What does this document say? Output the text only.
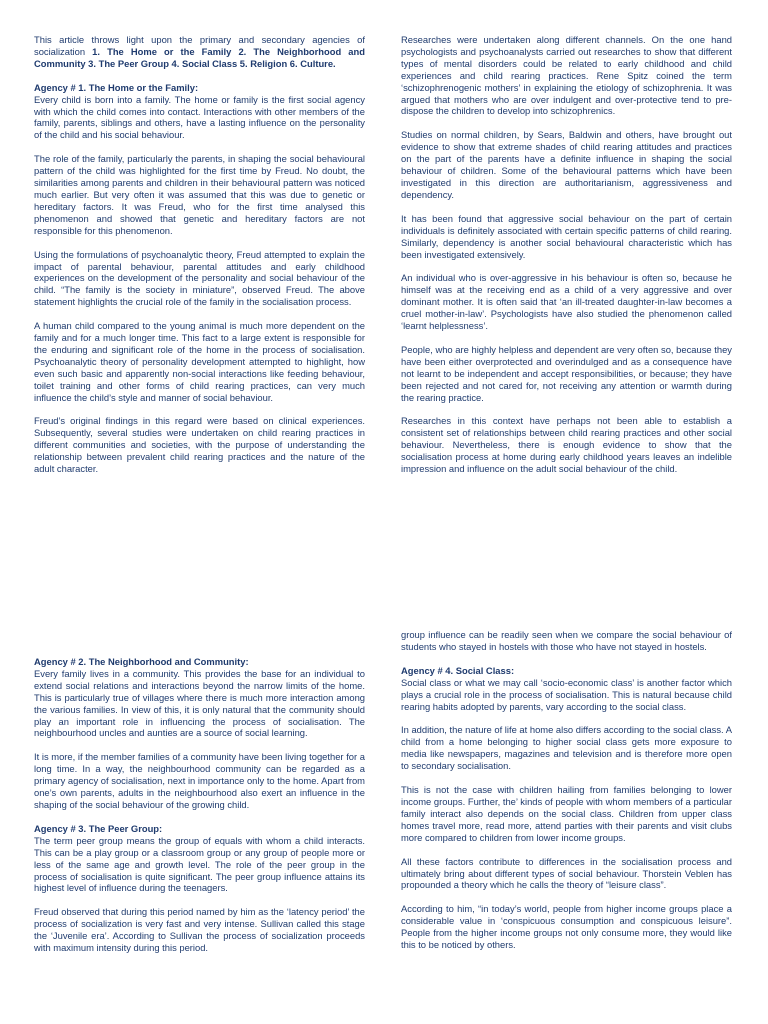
This article throws light upon the primary and secondary agencies of socialization 1. The Home or the Family 2. The Neighborhood and Community 3. The Peer Group 4. Social Class 5. Religion 6. Culture.

Agency # 1. The Home or the Family:
Every child is born into a family. The home or family is the first social agency with which the child comes into contact. Interactions with other members of the family, parents, siblings and others, have a lasting influence on the personality of the child and his social behaviour.

The role of the family, particularly the parents, in shaping the social behavioural pattern of the child was highlighted for the first time by Freud. No doubt, the similarities among parents and children in their behavioural pattern was noticed much earlier. But very often it was assumed that this was due to genetic or hereditary factors. It was Freud, who for the first time analysed this phenomenon and showed that genetic and hereditary factors are not responsible for this phenomenon.

Using the formulations of psychoanalytic theory, Freud attempted to explain the impact of parental behaviour, parental attitudes and early childhood experiences on the development of the personality and social behaviour of the child. “The family is the society in miniature”, observed Freud. The above statement highlights the crucial role of the family in the socialisation process.

A human child compared to the young animal is much more dependent on the family and for a much longer time. This fact to a large extent is responsible for the enduring and significant role of the home in the process of socialisation. Psychoanalytic theory of personality development attempted to highlight, how even such basic and apparently non-social interactions like feeding behaviour, toilet training and other forms of child rearing practices, can very much influence the child’s style and manner of social behaviour.

Freud’s original findings in this regard were based on clinical experiences. Subsequently, several studies were undertaken on child rearing practices in different communities and societies, with the purpose of understanding the relationship between prevalent child rearing practices and the nature of the adult character.

Researches were undertaken along different channels. On the one hand psychologists and psychoanalysts carried out researches to show that different types of mental disorders could be related to early childhood and child experiences and child rearing practices. Rene Spitz coined the term ‘schizophrenogenic mothers’ in explaining the etiology of schizophrenia. It was argued that mothers who are over indulgent and over-protective tend to pre-dispose the children to develop into schizophrenics.

Studies on normal children, by Sears, Baldwin and others, have brought out evidence to show that extreme shades of child rearing attitudes and practices on the part of the parents have a definite influence in shaping the social behaviour of children. Some of the behavioural patterns which have been investigated in this direction are authoritarianism, aggressiveness and dependency.

It has been found that aggressive social behaviour on the part of certain individuals is definitely associated with certain specific patterns of child rearing. Similarly, dependency is another social behavioural characteristic which has been investigated extensively.

An individual who is over-aggressive in his behaviour is often so, because he himself was at the receiving end as a child of a very aggressive and over dominant mother. It is often said that ‘an ill-treated daughter-in-law becomes a cruel mother-in-law’. Psychologists have also studied the phenomenon called ‘learnt helplessness’.

People, who are highly helpless and dependent are very often so, because they have been either overprotected and overindulged and as a consequence have not learnt to be independent and accept responsibilities, or because; they have been rejected and not cared for, not receiving any attention or warmth during the rearing practice.

Researches in this context have perhaps not been able to establish a consistent set of relationships between child rearing practices and other social behaviour. Nevertheless, there is enough evidence to show that the socialisation process at home during early childhood years leaves an indelible impression and influence on the adult social behaviour of the child.

Agency # 2. The Neighborhood and Community:
Every family lives in a community. This provides the base for an individual to extend social relations and interactions beyond the narrow limits of the home. This is particularly true of villages where there is much more interaction among the various families. In view of this, it is only natural that the community should play an important role in influencing the process of socialisation. The neighbourhood uncles and aunties are a source of social learning.

It is more, if the member families of a community have been living together for a long time. In a way, the neighbourhood community can be regarded as a primary agency of socialisation, next in importance only to the home. Apart from one’s own parents, adults in the neighbourhood also exert an influence in the shaping of the social behaviour of the growing child.

Agency # 3. The Peer Group:
The term peer group means the group of equals with whom a child interacts. This can be a play group or a classroom group or any group of people more or less of the same age and growth level. The role of the peer group in the process of socialisation is quite significant. The peer group influence attains its highest level of influence during the teenagers.

Freud observed that during this period named by him as the ‘latency period’ the process of socialization is very fast and very intense. Sullivan called this stage the ‘Juvenile era’. According to Sullivan the process of socialization proceeds with maximum intensity during this period.

group influence can be readily seen when we compare the social behaviour of students who stayed in hostels with those who have not stayed in hostels.

Agency # 4. Social Class:
Social class or what we may call ‘socio-economic class’ is another factor which plays a crucial role in the process of socialisation. This is natural because child rearing habits adopted by parents, vary according to the social class.

In addition, the nature of life at home also differs according to the social class. A child from a home belonging to higher social class gets more exposure to media like newspapers, magazines and television and is therefore more open to secondary socialisation.

This is not the case with children hailing from families belonging to lower income groups. Further, the’ kinds of people with whom members of a particular family interact also depends on the social class. Children from upper class homes travel more, read more, attend parties with their parents and visit clubs more compared to children from lower income groups.

All these factors contribute to differences in the socialisation process and ultimately bring about different types of social behaviour. Thorstein Veblen has propounded a theory which he calls the theory of “leisure class”.

According to him, “in today’s world, people from higher income groups place a considerable value in ‘conspicuous consumption and conspicuous leisure”. People from the higher income groups not only consume more, they would like this to be noticed by others.
